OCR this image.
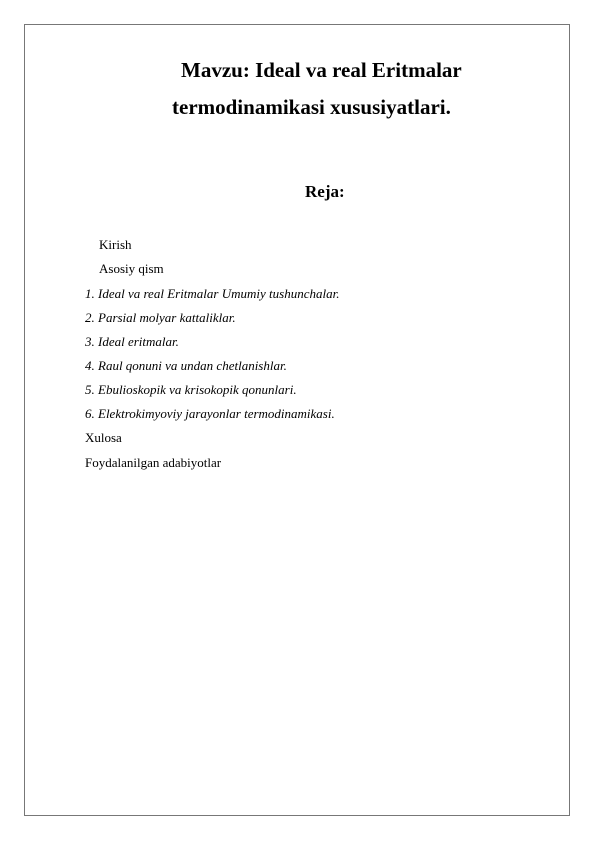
Mavzu: Ideal va real Eritmalar
termodinamikasi xususiyatlari.
Reja:
Kirish
Asosiy qism
1. Ideal va real Eritmalar Umumiy tushunchalar.
2. Parsial molyar kattaliklar.
3. Ideal eritmalar.
4. Raul qonuni va undan chetlanishlar.
5. Ebulioskopik va krisokopik qonunlari.
6. Elektrokimyoviy jarayonlar termodinamikasi.
Xulosa
Foydalanilgan adabiyotlar
